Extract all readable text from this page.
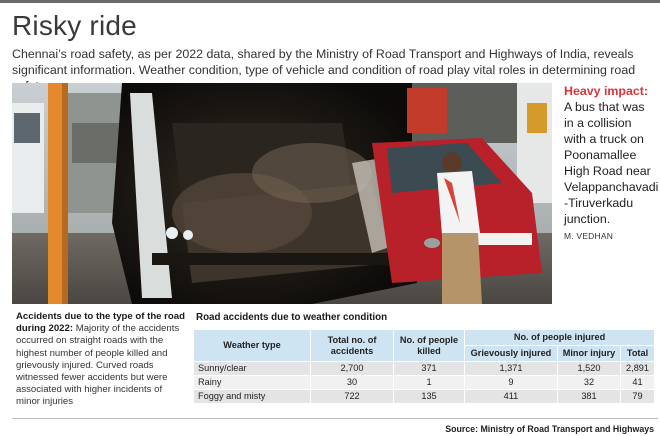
Risky ride
Chennai’s road safety, as per 2022 data, shared by the Ministry of Road Transport and Highways of India, reveals significant information. Weather condition, type of vehicle and condition of road play vital roles in determining road
Heavy impact:
A bus that was in a collision with a truck on Poonamallee High Road near Velappanchavadi -Tiruverkadu junction.
M. VEDHAN
Accidents due to the type of the road during 2022: Majority of the accidents occurred on straight roads with the highest number of people killed and grievously injured. Curved roads witnessed fewer accidents but were associated with higher incidents of minor injuries
Road accidents due to weather condition
Weather type	Total no. of accidents	No. of people killed	No. of people injured		
			Grievously injured	Minor injury	Total
Sunny/clear	2,700	371	1,371	1,520	2,891
Rainy	30	1	9	32	41
Foggy and misty	722	135	411	381	79
Source: Ministry of Road Transport and Highways
